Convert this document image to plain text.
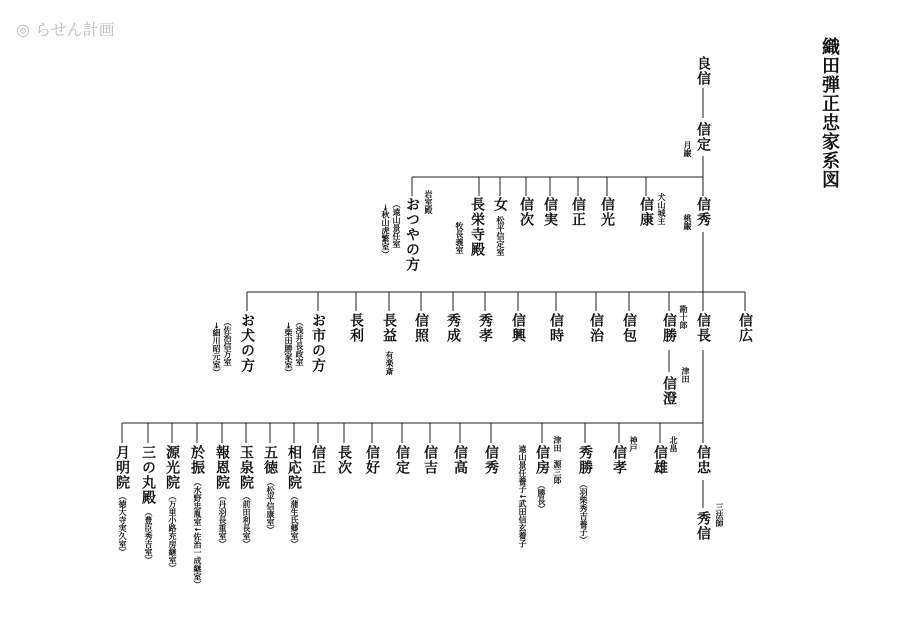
◎ らせん計画
織田弾正忠家系図
良信
信定
月巌
信秀
桃巌
信康 犬山城主
信光
信正
信実
信次
女
松平信定室
長栄寺殿
牧長義室
おつやの方 岩室殿
（遠山景任室
→秋山虎繁室）
信広
信長
信勝 勘十郎
津田
信澄
信包
信治
信時
信興
秀孝
秀成
信照
長益
有楽斎
長利
お市の方
（浅井長政室
→柴田勝家室）
お犬の方
（佐治信方室
→細川昭元室）
信忠
秀信 三法師
信雄
北畠
信孝
神戸
秀勝
（羽柴秀吉養子）
信房 津田　源三郎
（勝長）
遠山景任養子↓武田信玄養子
信秀
信高
信吉
信定
信好
長次
信正
相応院
（蒲生氏郷室）
五徳
（松平信康室）
玉泉院
（前田利長室）
報恩院
（丹羽長重室）
於振
（水野忠胤室↓佐治一成継室）
源光院
（万里小路充房継室）
三の丸殿
（豊臣秀吉室）
月明院
（徳大寺実久室）
